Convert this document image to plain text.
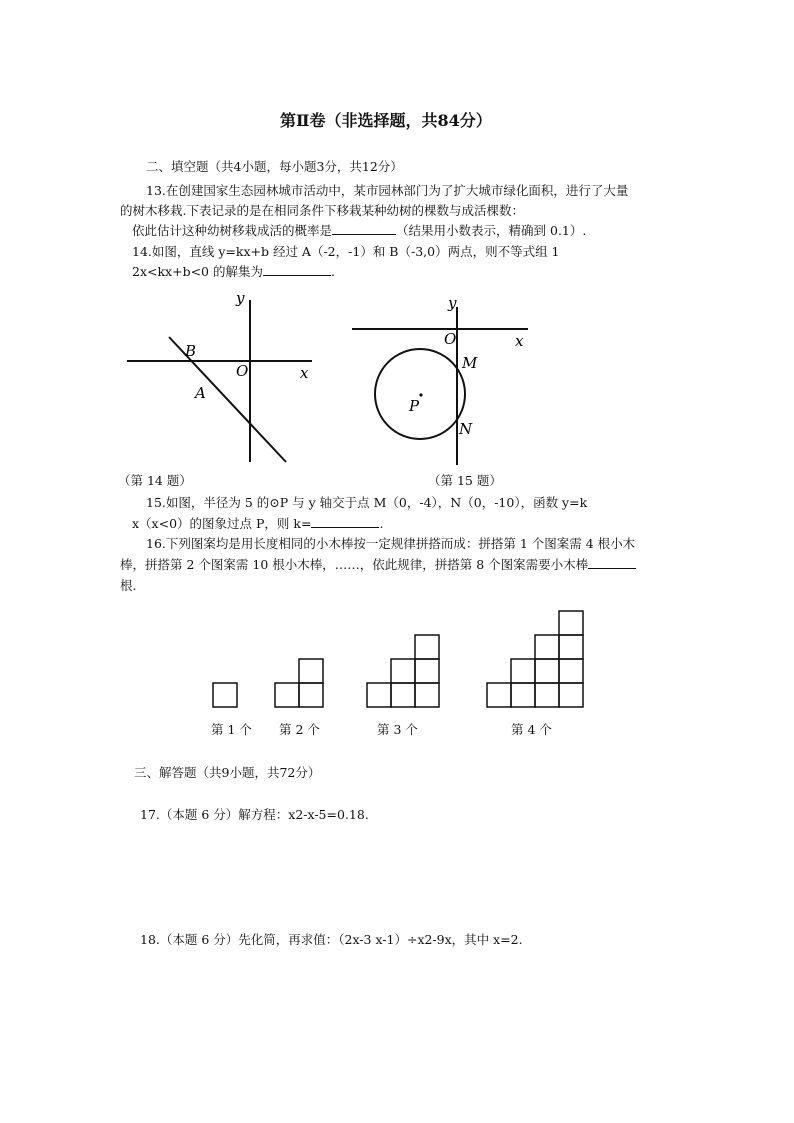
第Ⅱ卷（非选择题，共84分）
二、填空题（共4小题，每小题3分，共12分）
13.在创建国家生态园林城市活动中，某市园林部门为了扩大城市绿化面积，进行了大量
的树木移栽.下表记录的是在相同条件下移栽某种幼树的棵数与成活棵数：
依此估计这种幼树移栽成活的概率是	（结果用小数表示，精确到 0.1）.
14.如图，直线 y=kx+b 经过 A（-2，-1）和 B（-3,0）两点，则不等式组 1
2x<kx+b<0 的解集为	.
y
x
O
B
A
y
x
O
M
N
P
（第 14 题）	（第 15 题）
15.如图，半径为 5 的⊙P 与 y 轴交于点 M（0，-4），N（0，-10），函数 y=k
x（x<0）的图象过点 P，则 k=	.
16.下列图案均是用长度相同的小木棒按一定规律拼搭而成：拼搭第 1 个图案需 4 根小木
棒，拼搭第 2 个图案需 10 根小木棒，……，依此规律，拼搭第 8 个图案需要小木棒
根.
第 1 个 第 2 个	第 3 个	第 4 个
三、解答题（共9小题，共72分）
17.（本题 6 分）解方程：x2-x-5=0.18.
18.（本题 6 分）先化简，再求值：（2x-3 x-1）÷x2-9x，其中 x=2.
